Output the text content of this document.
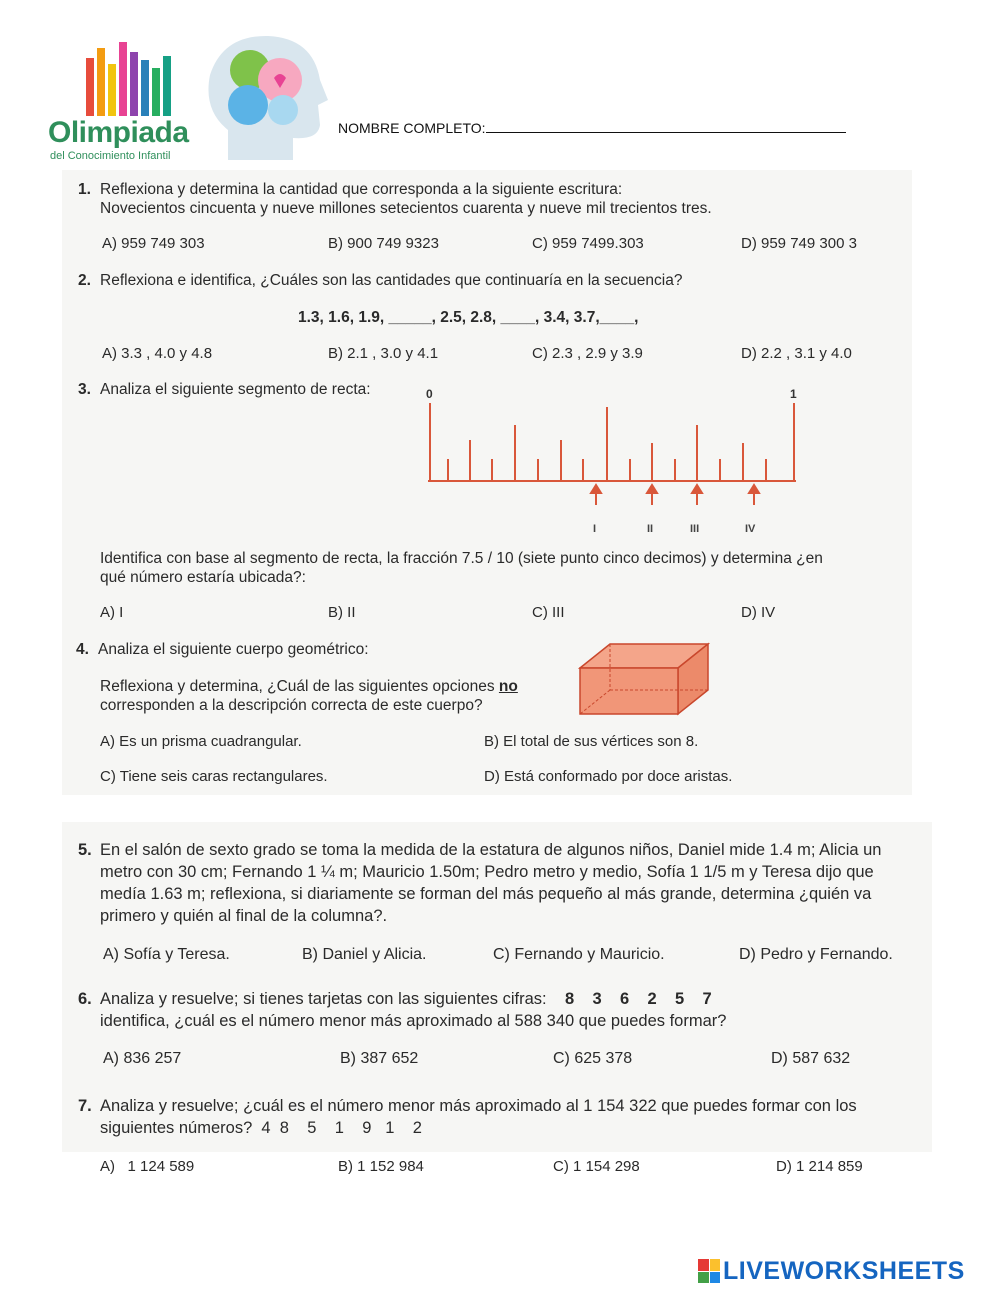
Olimpiada
del Conocimiento Infantil
NOMBRE COMPLETO:
1. Reflexiona y determina la cantidad que corresponda a la siguiente escritura:
Novecientos cincuenta y nueve millones setecientos cuarenta y nueve mil trecientos tres.
A) 959 749 303	B) 900 749 9323	C) 959 7499.303	D) 959 749 300 3
2. Reflexiona e identifica, ¿Cuáles son las cantidades que continuaría en la secuencia?
1.3, 1.6, 1.9, _____, 2.5, 2.8, ____, 3.4, 3.7,____,
A) 3.3 , 4.0 y 4.8	B) 2.1 , 3.0 y 4.1	C) 2.3 , 2.9 y 3.9	D) 2.2 , 3.1 y 4.0
3. Analiza el siguiente segmento de recta:	0	1
I	II	III	IV
Identifica con base al segmento de recta, la fracción 7.5 / 10 (siete punto cinco decimos) y determina ¿en
qué número estaría ubicada?:
A) I	B) II	C) III	D) IV
4. Analiza el siguiente cuerpo geométrico:
Reflexiona y determina, ¿Cuál de las siguientes opciones no
corresponden a la descripción correcta de este cuerpo?
A) Es un prisma cuadrangular.	B) El total de sus vértices son 8.
C) Tiene seis caras rectangulares.	D) Está conformado por doce aristas.
5. En el salón de sexto grado se toma la medida de la estatura de algunos niños, Daniel mide 1.4 m; Alicia un
metro con 30 cm; Fernando 1 ¼ m; Mauricio 1.50m; Pedro metro y medio, Sofía 1 1/5 m y Teresa dijo que
medía 1.63 m; reflexiona, si diariamente se forman del más pequeño al más grande, determina ¿quién va
primero y quién al final de la columna?.
A) Sofía y Teresa.	B) Daniel y Alicia.	C) Fernando y Mauricio.	D) Pedro y Fernando.
6. Analiza y resuelve; si tienes tarjetas con las siguientes cifras: 8    3    6    2    5    7
identifica, ¿cuál es el número menor más aproximado al 588 340 que puedes formar?
A) 836 257	B) 387 652	C) 625 378	D) 587 632
7. Analiza y resuelve; ¿cuál es el número menor más aproximado al 1 154 322 que puedes formar con los
siguientes números?  4  8    5    1    9   1    2
A)   1 124 589	B) 1 152 984	C) 1 154 298	D) 1 214 859
LIVEWORKSHEETS
